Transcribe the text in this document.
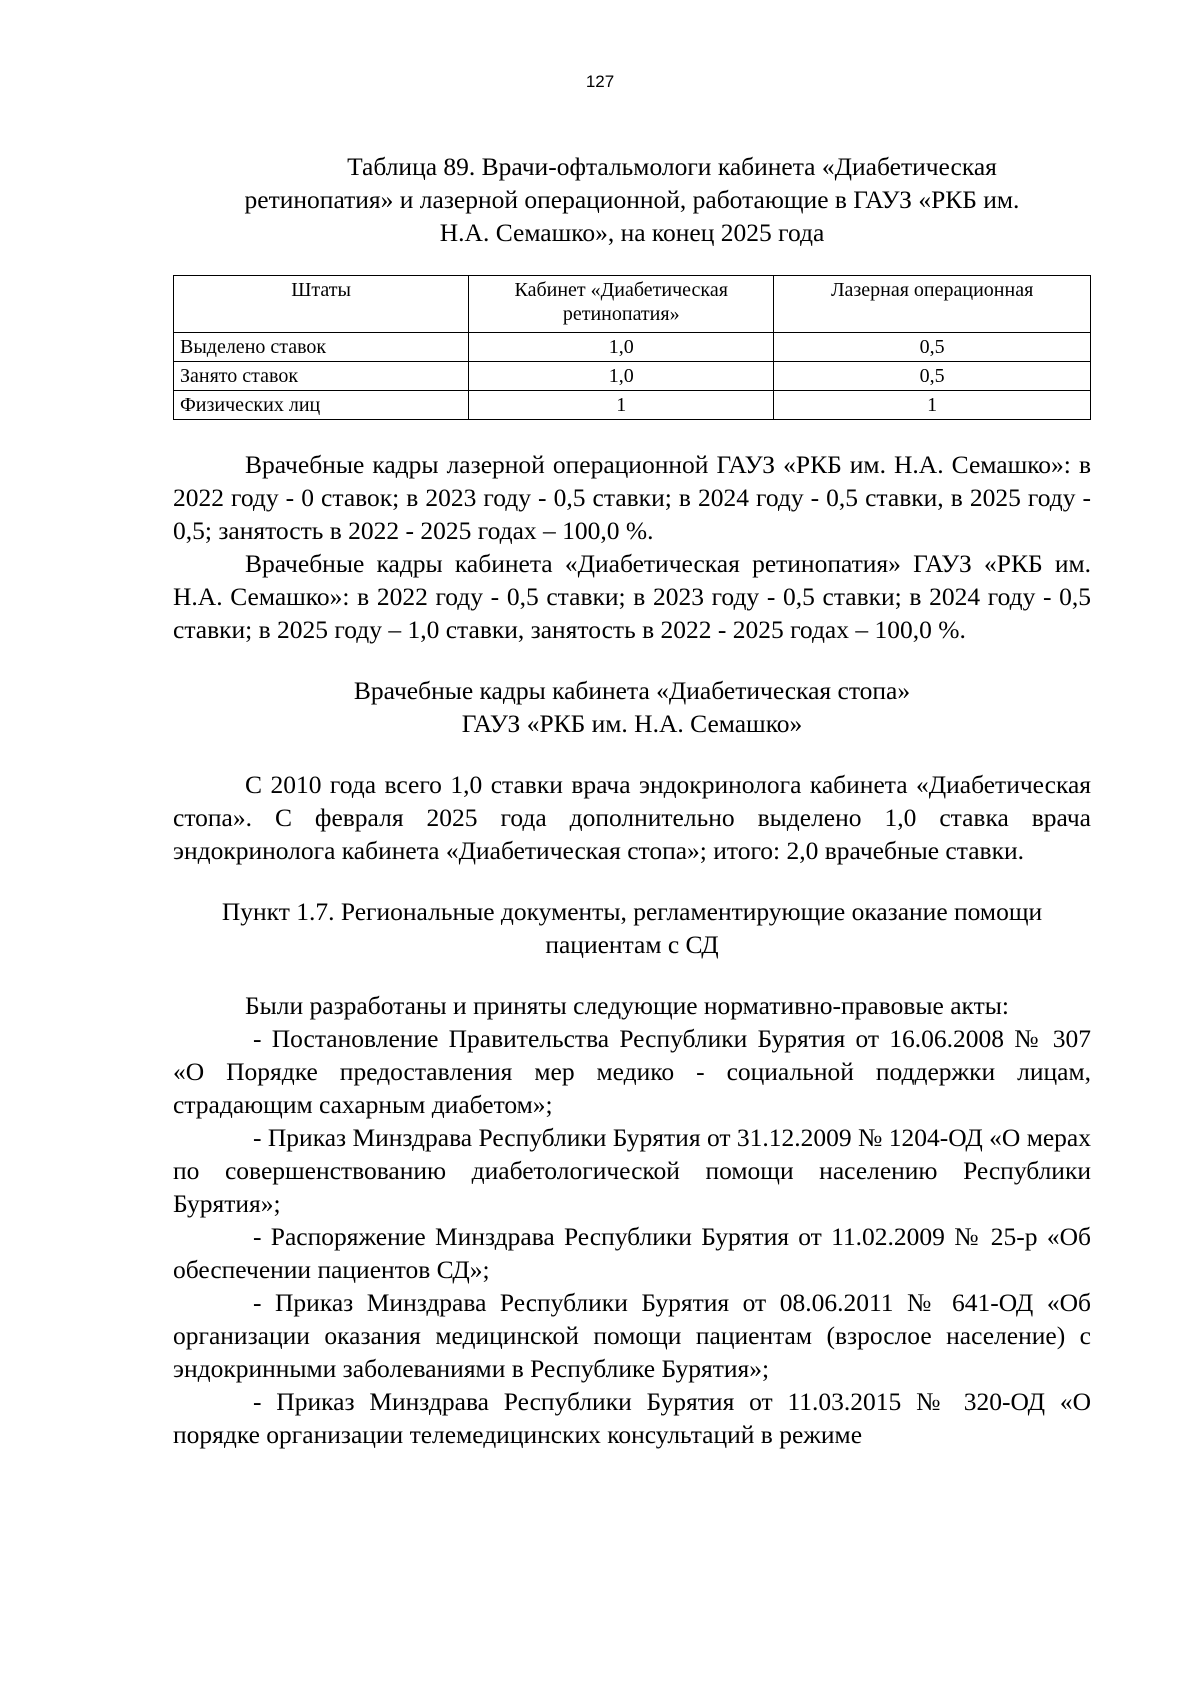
127
Таблица 89. Врачи-офтальмологи кабинета «Диабетическая
ретинопатия» и лазерной операционной, работающие в ГАУЗ «РКБ им.
Н.А. Семашко», на конец 2025 года
Штаты	Кабинет «Диабетическая ретинопатия»	Лазерная операционная
Выделено ставок	1,0	0,5
Занято ставок	1,0	0,5
Физических лиц	1	1

Врачебные кадры лазерной операционной ГАУЗ «РКБ им. Н.А. Семашко»: в 2022 году - 0 ставок; в 2023 году - 0,5 ставки; в 2024 году - 0,5 ставки, в 2025 году - 0,5; занятость в 2022 - 2025 годах – 100,0 %.

Врачебные кадры кабинета «Диабетическая ретинопатия» ГАУЗ «РКБ им. Н.А. Семашко»: в 2022 году - 0,5 ставки; в 2023 году - 0,5 ставки; в 2024 году - 0,5 ставки; в 2025 году – 1,0 ставки, занятость в 2022 - 2025 годах – 100,0 %.

Врачебные кадры кабинета «Диабетическая стопа»
ГАУЗ «РКБ им. Н.А. Семашко»

С 2010 года всего 1,0 ставки врача эндокринолога кабинета «Диабетическая стопа». С февраля 2025 года дополнительно выделено 1,0 ставка врача эндокринолога кабинета «Диабетическая стопа»; итого: 2,0 врачебные ставки.

Пункт 1.7. Региональные документы, регламентирующие оказание помощи
пациентам с СД

Были разработаны и приняты следующие нормативно-правовые акты:

- Постановление Правительства Республики Бурятия от 16.06.2008 № 307 «О Порядке предоставления мер медико - социальной поддержки лицам, страдающим сахарным диабетом»;

- Приказ Минздрава Республики Бурятия от 31.12.2009 № 1204-ОД «О мерах по совершенствованию диабетологической помощи населению Республики Бурятия»;

- Распоряжение Минздрава Республики Бурятия от 11.02.2009 № 25-р «Об обеспечении пациентов СД»;

- Приказ Минздрава Республики Бурятия от 08.06.2011 № 641-ОД «Об организации оказания медицинской помощи пациентам (взрослое население) с эндокринными заболеваниями в Республике Бурятия»;

- Приказ Минздрава Республики Бурятия от 11.03.2015 № 320-ОД «О порядке организации телемедицинских консультаций в режиме
